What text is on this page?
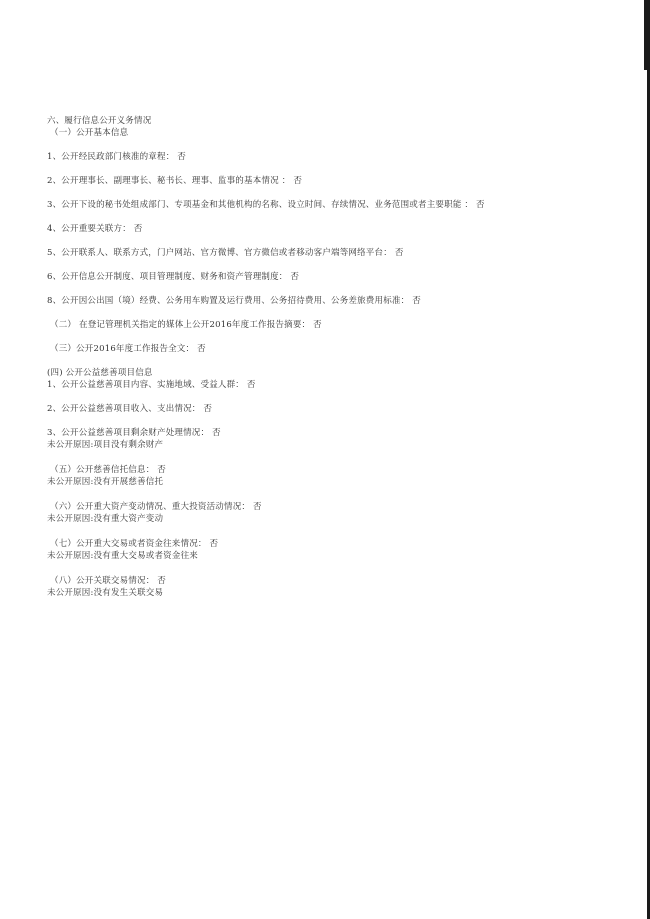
六、履行信息公开义务情况
（一）公开基本信息
1、公开经民政部门核准的章程： 否
2、公开理事长、副理事长、秘书长、理事、监事的基本情况 ： 否
3、公开下设的秘书处组成部门、专项基金和其他机构的名称、设立时间、存续情况、业务范围或者主要职能 ： 否
4、公开重要关联方： 否
5、公开联系人、联系方式，门户网站、官方微博、官方微信或者移动客户端等网络平台： 否
6、公开信息公开制度、项目管理制度、财务和资产管理制度： 否
8、公开因公出国（境）经费、公务用车购置及运行费用、公务招待费用、公务差旅费用标准： 否
（二） 在登记管理机关指定的媒体上公开2016年度工作报告摘要： 否
（三）公开2016年度工作报告全文： 否
(四) 公开公益慈善项目信息
1、公开公益慈善项目内容、实施地域、受益人群： 否
2、公开公益慈善项目收入、支出情况： 否
3、公开公益慈善项目剩余财产处理情况： 否
未公开原因:项目没有剩余财产
（五）公开慈善信托信息： 否
未公开原因:没有开展慈善信托
（六）公开重大资产变动情况、重大投资活动情况： 否
未公开原因:没有重大资产变动
（七）公开重大交易或者资金往来情况： 否
未公开原因:没有重大交易或者资金往来
（八）公开关联交易情况： 否
未公开原因:没有发生关联交易
